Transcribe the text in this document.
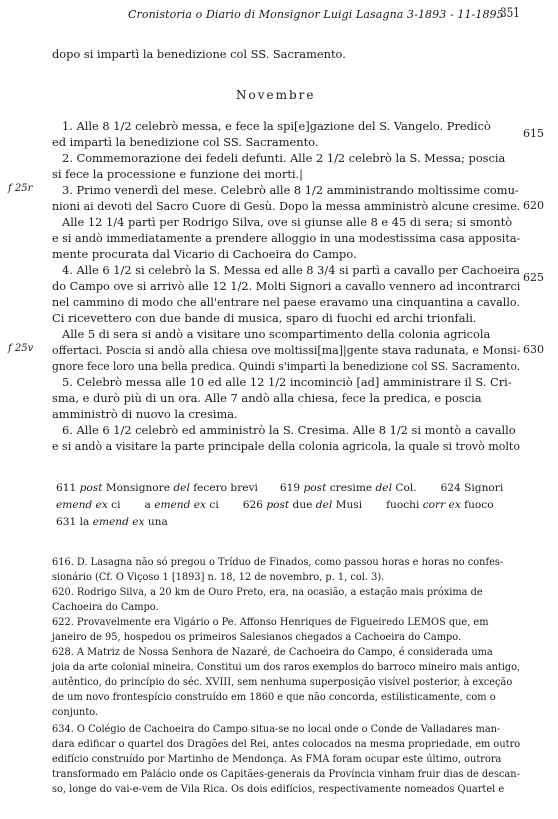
Cronistoria o Diario di Monsignor Luigi Lasagna 3-1893 - 11-1895
351
dopo si impartì la benedizione col SS. Sacramento.
Novembre
1. Alle 8 1/2 celebrò messa, e fece la spi[e]gazione del S. Vangelo. Predicò
ed impartì la benedizione col SS. Sacramento.
2. Commemorazione dei fedeli defunti. Alle 2 1/2 celebrò la S. Messa; poscia
si fece la processione e funzione dei morti.|
3. Primo venerdì del mese. Celebrò alle 8 1/2 amministrando moltissime comu-
nioni ai devoti del Sacro Cuore di Gesù. Dopo la messa amministrò alcune cresime.
Alle 12 1/4 partì per Rodrigo Silva, ove si giunse alle 8 e 45 di sera; si smontò
e si andò immediatamente a prendere alloggio in una modestissima casa apposita-
mente procurata dal Vicario di Cachoeira do Campo.
4. Alle 6 1/2 si celebrò la S. Messa ed alle 8 3/4 si partì a cavallo per Cachoeira
do Campo ove si arrivò alle 12 1/2. Molti Signori a cavallo vennero ad incontrarci
nel cammino di modo che all'entrare nel paese eravamo una cinquantina a cavallo.
Ci ricevettero con due bande di musica, sparo di fuochi ed archi trionfali.
Alle 5 di sera si andò a visitare uno scompartimento della colonia agricola
offertaci. Poscia si andò alla chiesa ove moltissi[ma]|gente stava radunata, e Monsi-
gnore fece loro una bella predica. Quindi s'impartì la benedizione col SS. Sacramento.
5. Celebrò messa alle 10 ed alle 12 1/2 incominciò [ad] amministrare il S. Cri-
sma, e durò più di un ora. Alle 7 andò alla chiesa, fece la predica, e poscia
amministrò di nuovo la cresima.
6. Alle 6 1/2 celebrò ed amministrò la S. Cresima. Alle 8 1/2 si montò a cavallo
e si andò a visitare la parte principale della colonia agricola, la quale si trovò molto
615
620
625
630
f 25r
f 25v
611 post Monsignore del fecero brevi 619 post cresime del Col. 624 Signori
emend ex ci a emend ex ci 626 post due del Musi fuochi corr ex fuoco
631 la emend ex una
616. D. Lasagna não só pregou o Tríduo de Finados, como passou horas e horas no confes-
sionário (Cf. O Viçoso 1 [1893] n. 18, 12 de novembro, p. 1, col. 3).
620. Rodrigo Silva, a 20 km de Ouro Preto, era, na ocasião, a estação mais próxima de
Cachoeira do Campo.
622. Provavelmente era Vigário o Pe. Affonso Henriques de Figueiredo LEMOS que, em
janeiro de 95, hospedou os primeiros Salesianos chegados a Cachoeira do Campo.
628. A Matriz de Nossa Senhora de Nazaré, de Cachoeira do Campo, é considerada uma
joia da arte colonial mineira. Constitui um dos raros exemplos do barroco mineiro mais antigo,
autêntico, do princípio do séc. XVIII, sem nenhuma superposição visível posterior, à exceção
de um novo frontespício construído em 1860 e que não concorda, estilisticamente, com o
conjunto.
634. O Colégio de Cachoeira do Campo situa-se no local onde o Conde de Valladares man-
dara edificar o quartel dos Dragões del Rei, antes colocados na mesma propriedade, em outro
edifício construído por Martinho de Mendonça. As FMA foram ocupar este último, outrora
transformado em Palácio onde os Capitães-generais da Província vinham fruir dias de descan-
so, longe do vai-e-vem de Vila Rica. Os dois edifícios, respectivamente nomeados Quartel e
